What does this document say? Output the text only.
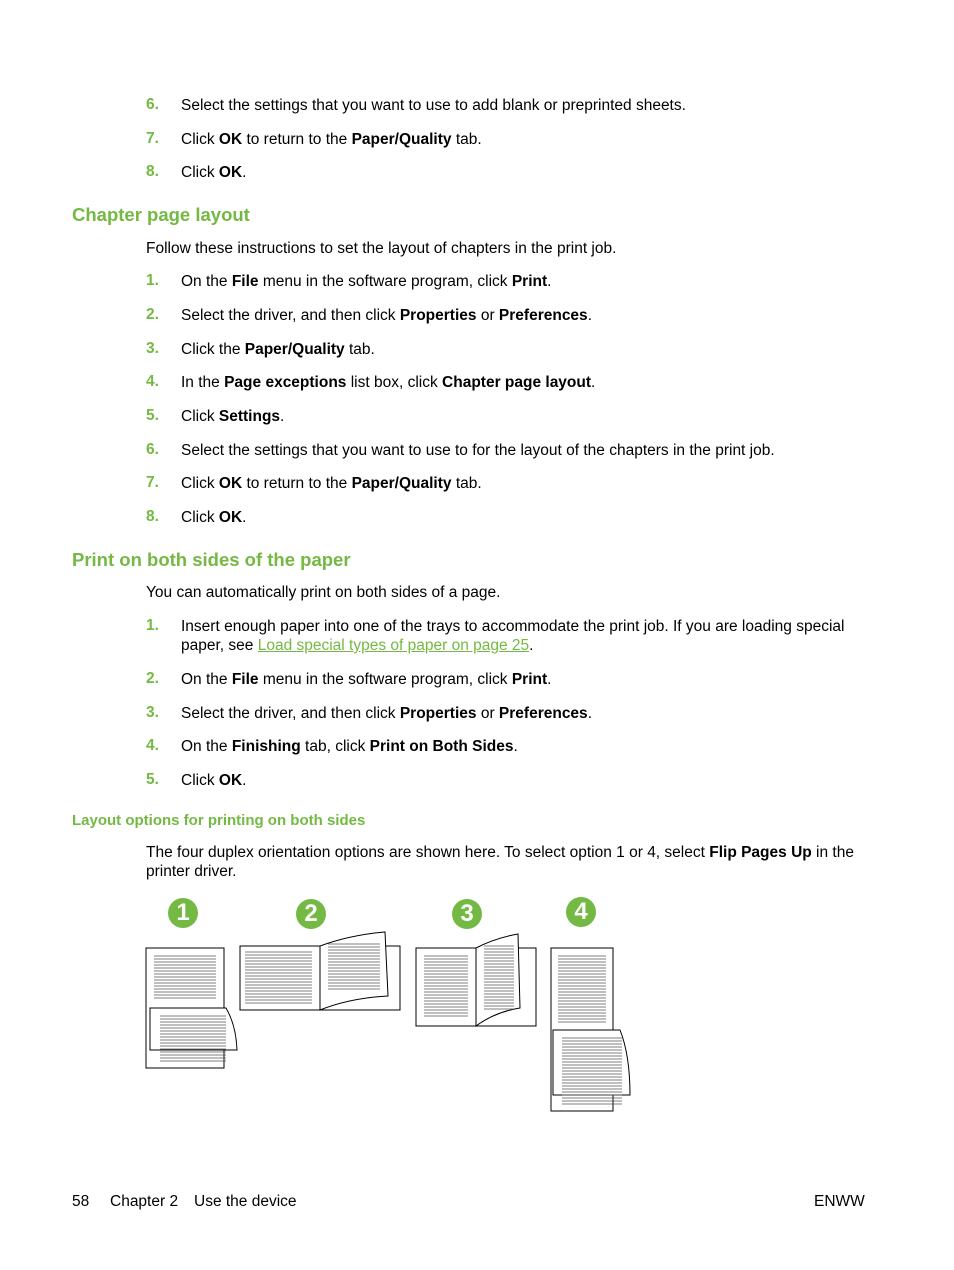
6. Select the settings that you want to use to add blank or preprinted sheets.
7. Click OK to return to the Paper/Quality tab.
8. Click OK.
Chapter page layout
Follow these instructions to set the layout of chapters in the print job.
1. On the File menu in the software program, click Print.
2. Select the driver, and then click Properties or Preferences.
3. Click the Paper/Quality tab.
4. In the Page exceptions list box, click Chapter page layout.
5. Click Settings.
6. Select the settings that you want to use to for the layout of the chapters in the print job.
7. Click OK to return to the Paper/Quality tab.
8. Click OK.
Print on both sides of the paper
You can automatically print on both sides of a page.
1. Insert enough paper into one of the trays to accommodate the print job. If you are loading special paper, see Load special types of paper on page 25.
2. On the File menu in the software program, click Print.
3. Select the driver, and then click Properties or Preferences.
4. On the Finishing tab, click Print on Both Sides.
5. Click OK.
Layout options for printing on both sides
The four duplex orientation options are shown here. To select option 1 or 4, select Flip Pages Up in the printer driver.
1	2	3	4
58 Chapter 2 Use the device	ENWW
